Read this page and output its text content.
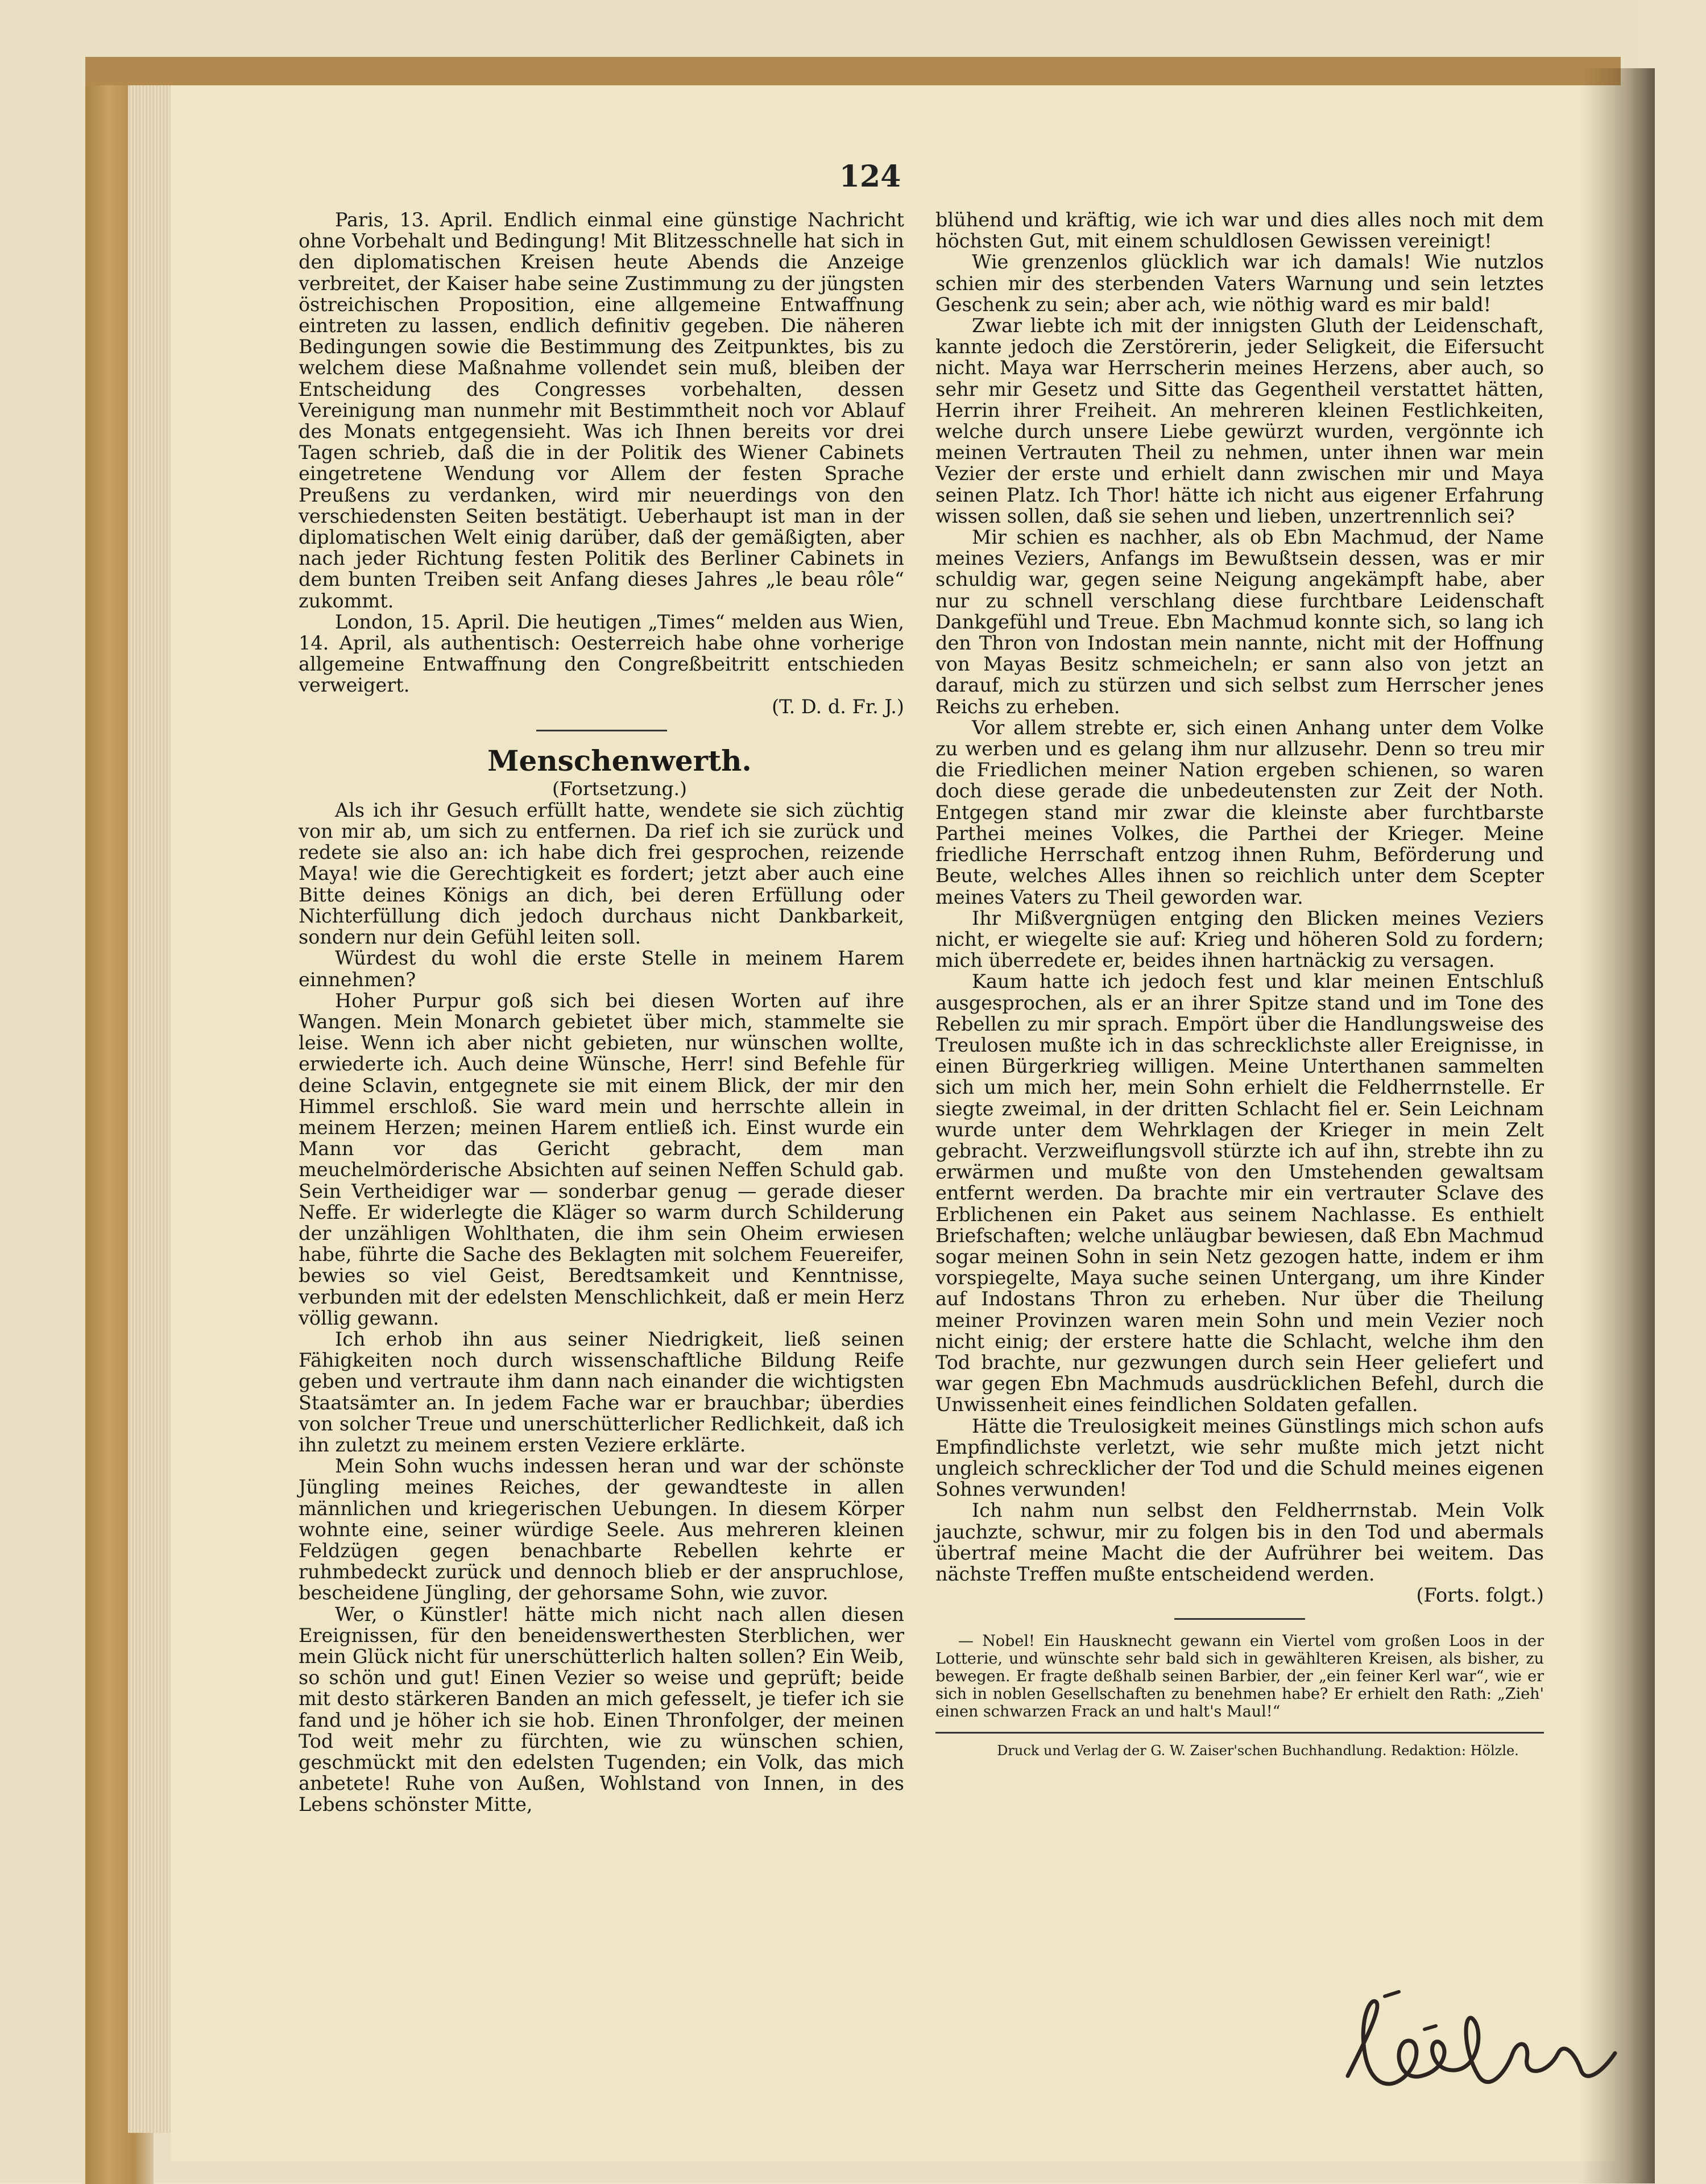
124

Paris, 13. April. Endlich einmal eine günstige Nachricht ohne Vorbehalt und Bedingung! Mit Blitzesschnelle hat sich in den diplomatischen Kreisen heute Abends die Anzeige verbreitet, der Kaiser habe seine Zustimmung zu der jüngsten östreichischen Proposition, eine allgemeine Entwaffnung eintreten zu lassen, endlich definitiv gegeben. Die näheren Bedingungen sowie die Bestimmung des Zeitpunktes, bis zu welchem diese Maßnahme vollendet sein muß, bleiben der Entscheidung des Congresses vorbehalten, dessen Vereinigung man nunmehr mit Bestimmtheit noch vor Ablauf des Monats entgegensieht. Was ich Ihnen bereits vor drei Tagen schrieb, daß die in der Politik des Wiener Cabinets eingetretene Wendung vor Allem der festen Sprache Preußens zu verdanken, wird mir neuerdings von den verschiedensten Seiten bestätigt. Ueberhaupt ist man in der diplomatischen Welt einig darüber, daß der gemäßigten, aber nach jeder Richtung festen Politik des Berliner Cabinets in dem bunten Treiben seit Anfang dieses Jahres „le beau rôle“ zukommt.

London, 15. April. Die heutigen „Times“ melden aus Wien, 14. April, als authentisch: Oesterreich habe ohne vorherige allgemeine Entwaffnung den Congreßbeitritt entschieden verweigert.

(T. D. d. Fr. J.)

Menschenwerth.

(Fortsetzung.)

Als ich ihr Gesuch erfüllt hatte, wendete sie sich züchtig von mir ab, um sich zu entfernen. Da rief ich sie zurück und redete sie also an: ich habe dich frei gesprochen, reizende Maya! wie die Gerechtigkeit es fordert; jetzt aber auch eine Bitte deines Königs an dich, bei deren Erfüllung oder Nichterfüllung dich jedoch durchaus nicht Dankbarkeit, sondern nur dein Gefühl leiten soll.

Würdest du wohl die erste Stelle in meinem Harem einnehmen?

Hoher Purpur goß sich bei diesen Worten auf ihre Wangen. Mein Monarch gebietet über mich, stammelte sie leise. Wenn ich aber nicht gebieten, nur wünschen wollte, erwiederte ich. Auch deine Wünsche, Herr! sind Befehle für deine Sclavin, entgegnete sie mit einem Blick, der mir den Himmel erschloß. Sie ward mein und herrschte allein in meinem Herzen; meinen Harem entließ ich. Einst wurde ein Mann vor das Gericht gebracht, dem man meuchelmörderische Absichten auf seinen Neffen Schuld gab. Sein Vertheidiger war — sonderbar genug — gerade dieser Neffe. Er widerlegte die Kläger so warm durch Schilderung der unzähligen Wohlthaten, die ihm sein Oheim erwiesen habe, führte die Sache des Beklagten mit solchem Feuereifer, bewies so viel Geist, Beredtsamkeit und Kenntnisse, verbunden mit der edelsten Menschlichkeit, daß er mein Herz völlig gewann.

Ich erhob ihn aus seiner Niedrigkeit, ließ seinen Fähigkeiten noch durch wissenschaftliche Bildung Reife geben und vertraute ihm dann nach einander die wichtigsten Staatsämter an. In jedem Fache war er brauchbar; überdies von solcher Treue und unerschütterlicher Redlichkeit, daß ich ihn zuletzt zu meinem ersten Veziere erklärte.

Mein Sohn wuchs indessen heran und war der schönste Jüngling meines Reiches, der gewandteste in allen männlichen und kriegerischen Uebungen. In diesem Körper wohnte eine, seiner würdige Seele. Aus mehreren kleinen Feldzügen gegen benachbarte Rebellen kehrte er ruhmbedeckt zurück und dennoch blieb er der anspruchlose, bescheidene Jüngling, der gehorsame Sohn, wie zuvor.

Wer, o Künstler! hätte mich nicht nach allen diesen Ereignissen, für den beneidenswerthesten Sterblichen, wer mein Glück nicht für unerschütterlich halten sollen? Ein Weib, so schön und gut! Einen Vezier so weise und geprüft; beide mit desto stärkeren Banden an mich gefesselt, je tiefer ich sie fand und je höher ich sie hob. Einen Thronfolger, der meinen Tod weit mehr zu fürchten, wie zu wünschen schien, geschmückt mit den edelsten Tugenden; ein Volk, das mich anbetete! Ruhe von Außen, Wohlstand von Innen, in des Lebens schönster Mitte,

blühend und kräftig, wie ich war und dies alles noch mit dem höchsten Gut, mit einem schuldlosen Gewissen vereinigt!

Wie grenzenlos glücklich war ich damals! Wie nutzlos schien mir des sterbenden Vaters Warnung und sein letztes Geschenk zu sein; aber ach, wie nöthig ward es mir bald!

Zwar liebte ich mit der innigsten Gluth der Leidenschaft, kannte jedoch die Zerstörerin, jeder Seligkeit, die Eifersucht nicht. Maya war Herrscherin meines Herzens, aber auch, so sehr mir Gesetz und Sitte das Gegentheil verstattet hätten, Herrin ihrer Freiheit. An mehreren kleinen Festlichkeiten, welche durch unsere Liebe gewürzt wurden, vergönnte ich meinen Vertrauten Theil zu nehmen, unter ihnen war mein Vezier der erste und erhielt dann zwischen mir und Maya seinen Platz. Ich Thor! hätte ich nicht aus eigener Erfahrung wissen sollen, daß sie sehen und lieben, unzertrennlich sei?

Mir schien es nachher, als ob Ebn Machmud, der Name meines Veziers, Anfangs im Bewußtsein dessen, was er mir schuldig war, gegen seine Neigung angekämpft habe, aber nur zu schnell verschlang diese furchtbare Leidenschaft Dankgefühl und Treue. Ebn Machmud konnte sich, so lang ich den Thron von Indostan mein nannte, nicht mit der Hoffnung von Mayas Besitz schmeicheln; er sann also von jetzt an darauf, mich zu stürzen und sich selbst zum Herrscher jenes Reichs zu erheben.

Vor allem strebte er, sich einen Anhang unter dem Volke zu werben und es gelang ihm nur allzusehr. Denn so treu mir die Friedlichen meiner Nation ergeben schienen, so waren doch diese gerade die unbedeutensten zur Zeit der Noth. Entgegen stand mir zwar die kleinste aber furchtbarste Parthei meines Volkes, die Parthei der Krieger. Meine friedliche Herrschaft entzog ihnen Ruhm, Beförderung und Beute, welches Alles ihnen so reichlich unter dem Scepter meines Vaters zu Theil geworden war.

Ihr Mißvergnügen entging den Blicken meines Veziers nicht, er wiegelte sie auf: Krieg und höheren Sold zu fordern; mich überredete er, beides ihnen hartnäckig zu versagen.

Kaum hatte ich jedoch fest und klar meinen Entschluß ausgesprochen, als er an ihrer Spitze stand und im Tone des Rebellen zu mir sprach. Empört über die Handlungsweise des Treulosen mußte ich in das schrecklichste aller Ereignisse, in einen Bürgerkrieg willigen. Meine Unterthanen sammelten sich um mich her, mein Sohn erhielt die Feldherrnstelle. Er siegte zweimal, in der dritten Schlacht fiel er. Sein Leichnam wurde unter dem Wehrklagen der Krieger in mein Zelt gebracht. Verzweiflungsvoll stürzte ich auf ihn, strebte ihn zu erwärmen und mußte von den Umstehenden gewaltsam entfernt werden. Da brachte mir ein vertrauter Sclave des Erblichenen ein Paket aus seinem Nachlasse. Es enthielt Briefschaften; welche unläugbar bewiesen, daß Ebn Machmud sogar meinen Sohn in sein Netz gezogen hatte, indem er ihm vorspiegelte, Maya suche seinen Untergang, um ihre Kinder auf Indostans Thron zu erheben. Nur über die Theilung meiner Provinzen waren mein Sohn und mein Vezier noch nicht einig; der erstere hatte die Schlacht, welche ihm den Tod brachte, nur gezwungen durch sein Heer geliefert und war gegen Ebn Machmuds ausdrücklichen Befehl, durch die Unwissenheit eines feindlichen Soldaten gefallen.

Hätte die Treulosigkeit meines Günstlings mich schon aufs Empfindlichste verletzt, wie sehr mußte mich jetzt nicht ungleich schrecklicher der Tod und die Schuld meines eigenen Sohnes verwunden!

Ich nahm nun selbst den Feldherrnstab. Mein Volk jauchzte, schwur, mir zu folgen bis in den Tod und abermals übertraf meine Macht die der Aufrührer bei weitem. Das nächste Treffen mußte entscheidend werden.

(Forts. folgt.)

— Nobel! Ein Hausknecht gewann ein Viertel vom großen Loos in der Lotterie, und wünschte sehr bald sich in gewählteren Kreisen, als bisher, zu bewegen. Er fragte deßhalb seinen Barbier, der „ein feiner Kerl war“, wie er sich in noblen Gesellschaften zu benehmen habe? Er erhielt den Rath: „Zieh' einen schwarzen Frack an und halt's Maul!“

Druck und Verlag der G. W. Zaiser'schen Buchhandlung. Redaktion: Hölzle.
